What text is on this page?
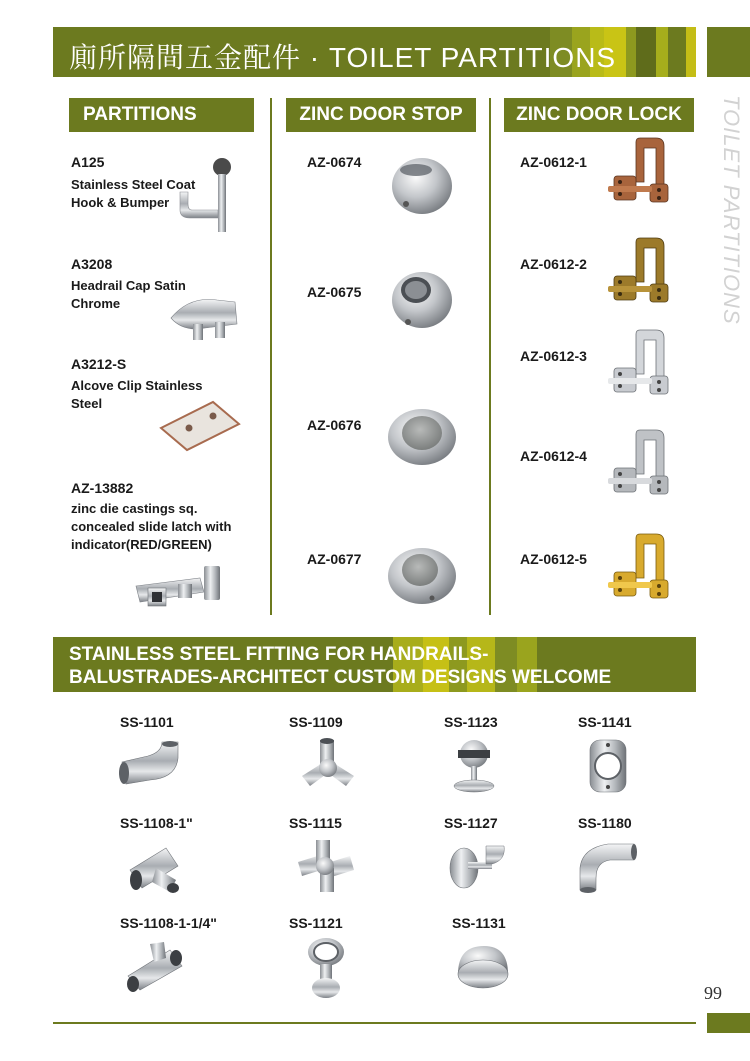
廁所隔間五金配件 · TOILET PARTITIONS
TOILET PARTITIONS
PARTITIONS	ZINC DOOR STOP	ZINC DOOR LOCK
A125
Stainless Steel Coat Hook & Bumper
A3208
Headrail Cap Satin Chrome
A3212-S
Alcove Clip Stainless Steel
AZ-13882
zinc die castings sq. concealed slide latch with indicator(RED/GREEN)
AZ-0674
AZ-0675
AZ-0676
AZ-0677
AZ-0612-1
AZ-0612-2
AZ-0612-3
AZ-0612-4
AZ-0612-5
STAINLESS STEEL FITTING FOR HANDRAILS-
BALUSTRADES-ARCHITECT CUSTOM DESIGNS WELCOME
SS-1101	SS-1109	SS-1123	SS-1141
SS-1108-1"	SS-1115	SS-1127	SS-1180
SS-1108-1-1/4"	SS-1121	SS-1131
99
